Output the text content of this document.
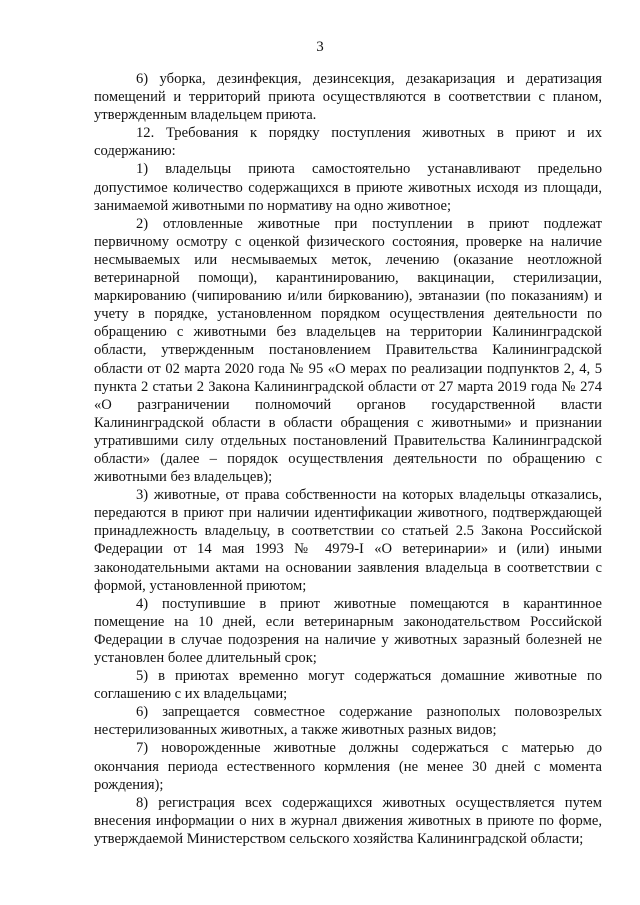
3

6) уборка, дезинфекция, дезинсекция, дезакаризация и дератизация помещений и территорий приюта осуществляются в соответствии с планом, утвержденным владельцем приюта.

12. Требования к порядку поступления животных в приют и их содержанию:

1) владельцы приюта самостоятельно устанавливают предельно допустимое количество содержащихся в приюте животных исходя из площади, занимаемой животными по нормативу на одно животное;

2) отловленные животные при поступлении в приют подлежат первичному осмотру с оценкой физического состояния, проверке на наличие несмываемых или несмываемых меток, лечению (оказание неотложной ветеринарной помощи), карантинированию, вакцинации, стерилизации, маркированию (чипированию и/или биркованию), эвтаназии (по показаниям) и учету в порядке, установленном порядком осуществления деятельности по обращению с животными без владельцев на территории Калининградской области, утвержденным постановлением Правительства Калининградской области от 02 марта 2020 года № 95 «О мерах по реализации подпунктов 2, 4, 5 пункта 2 статьи 2 Закона Калининградской области от 27 марта 2019 года № 274 «О разграничении полномочий органов государственной власти Калининградской области в области обращения с животными» и признании утратившими силу отдельных постановлений Правительства Калининградской области» (далее – порядок осуществления деятельности по обращению с животными без владельцев);

3) животные, от права собственности на которых владельцы отказались, передаются в приют при наличии идентификации животного, подтверждающей принадлежность владельцу, в соответствии со статьей 2.5 Закона Российской Федерации от 14 мая 1993 № 4979-I «О ветеринарии» и (или) иными законодательными актами на основании заявления владельца в соответствии с формой, установленной приютом;

4) поступившие в приют животные помещаются в карантинное помещение на 10 дней, если ветеринарным законодательством Российской Федерации в случае подозрения на наличие у животных заразный болезней не установлен более длительный срок;

5) в приютах временно могут содержаться домашние животные по соглашению с их владельцами;

6) запрещается совместное содержание разнополых половозрелых нестерилизованных животных, а также животных разных видов;

7) новорожденные животные должны содержаться с матерью до окончания периода естественного кормления (не менее 30 дней с момента рождения);

8) регистрация всех содержащихся животных осуществляется путем внесения информации о них в журнал движения животных в приюте по форме, утверждаемой Министерством сельского хозяйства Калининградской области;
